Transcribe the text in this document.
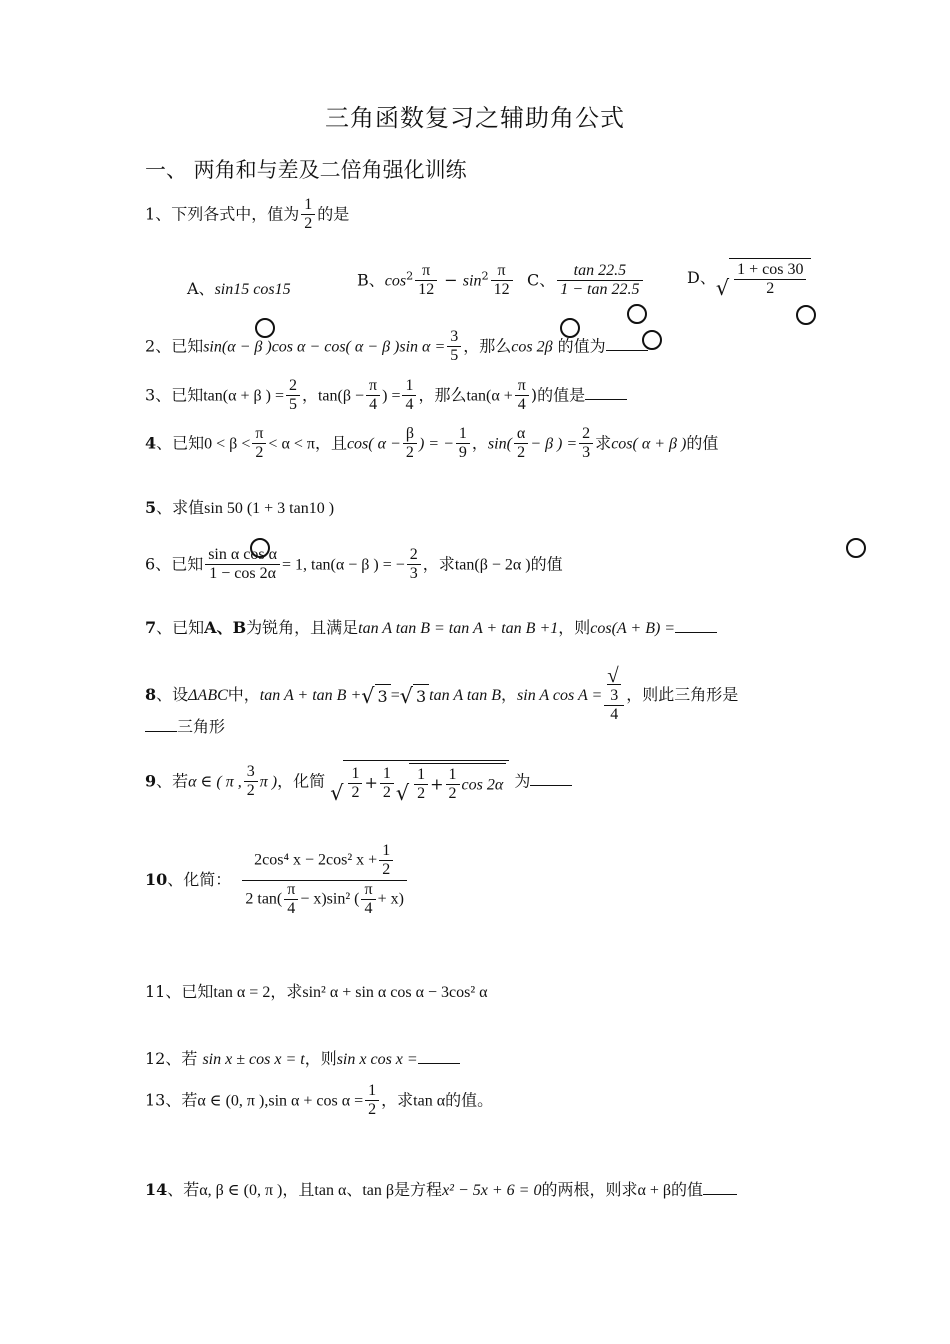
三角函数复习之辅助角公式
一、 两角和与差及二倍角强化训练
1、下列各式中，值为 $\frac{1}{2}$ 的是
A、sin15 cos15
B、$\cos^2 \frac{\pi}{12} - \sin^2 \frac{\pi}{12}$ C、 $\frac{\tan 22.5}{1 - \tan 22.5}$	D、 √ $\frac{1 + \cos 30}{2}$
2、已知sin(α − β )cos α − cos( α − β )sin $\alpha = \frac{3}{5}$ ，那么cos 2β 的值为
3、已知tan(α + β ) = $\frac{2}{5}$ ，$\tan(\beta - \frac{\pi}{4}$ ) = $\frac{1}{4}$ ，那么$\tan(\alpha + \frac{\pi}{4}$ )的值是
4、已知$0 < \beta < \frac{\pi}{2} < \alpha < \pi$，且cos( $\alpha - \frac{\beta}{2}$ ) = − $\frac{1}{9}$ ，$\sin( \frac{\alpha}{2} - \beta$ ) = $\frac{2}{3}$ 求cos( α + β )的值
5、求值sin 50 (1 + 3 tan10 )
6、已知 $\frac{\text{sin α cos α}}{1 - \cos 2\alpha} = 1$, tan(α − β ) = − $\frac{2}{3}$ ，求tan(β − 2α )的值
7、已知A、B为锐角，且满足tan A tan B = tan A + tan B +1，则cos(A + B) =
8、设ΔABC中，tan A + tan B + √ 3 = √ 3 tan A tan B，sin A cos A = √
3
4 ，则此三角形是
三角形
9、若α ∈ ( π , $\frac{3}{2}$ π )，化简
√ $\frac{1}{2} + \frac{1}{2}$ √ $\frac{1}{2} + \frac{1}{2}$ cos 2α 为
10、化简： $\frac{2\cos^4 x - 2\cos^2 x + \frac{1}{2}}{2 \tan( \frac{\pi}{4} - x)\sin^2 ( \frac{\pi}{4} + x)}$
11、已知tan α = 2，求sin² α + sin α cos α − 3cos² α
12、若 sin x ± cos x = t，则sin x cos x =
13、若α ∈ (0, π ),sin $\alpha + \cos \alpha = \frac{1}{2}$ ，求tan α的值。
14、若α, β ∈ (0, π )，且tan α、tan β是方程x² − 5x + 6 = 0的两根，则求α + β的值
